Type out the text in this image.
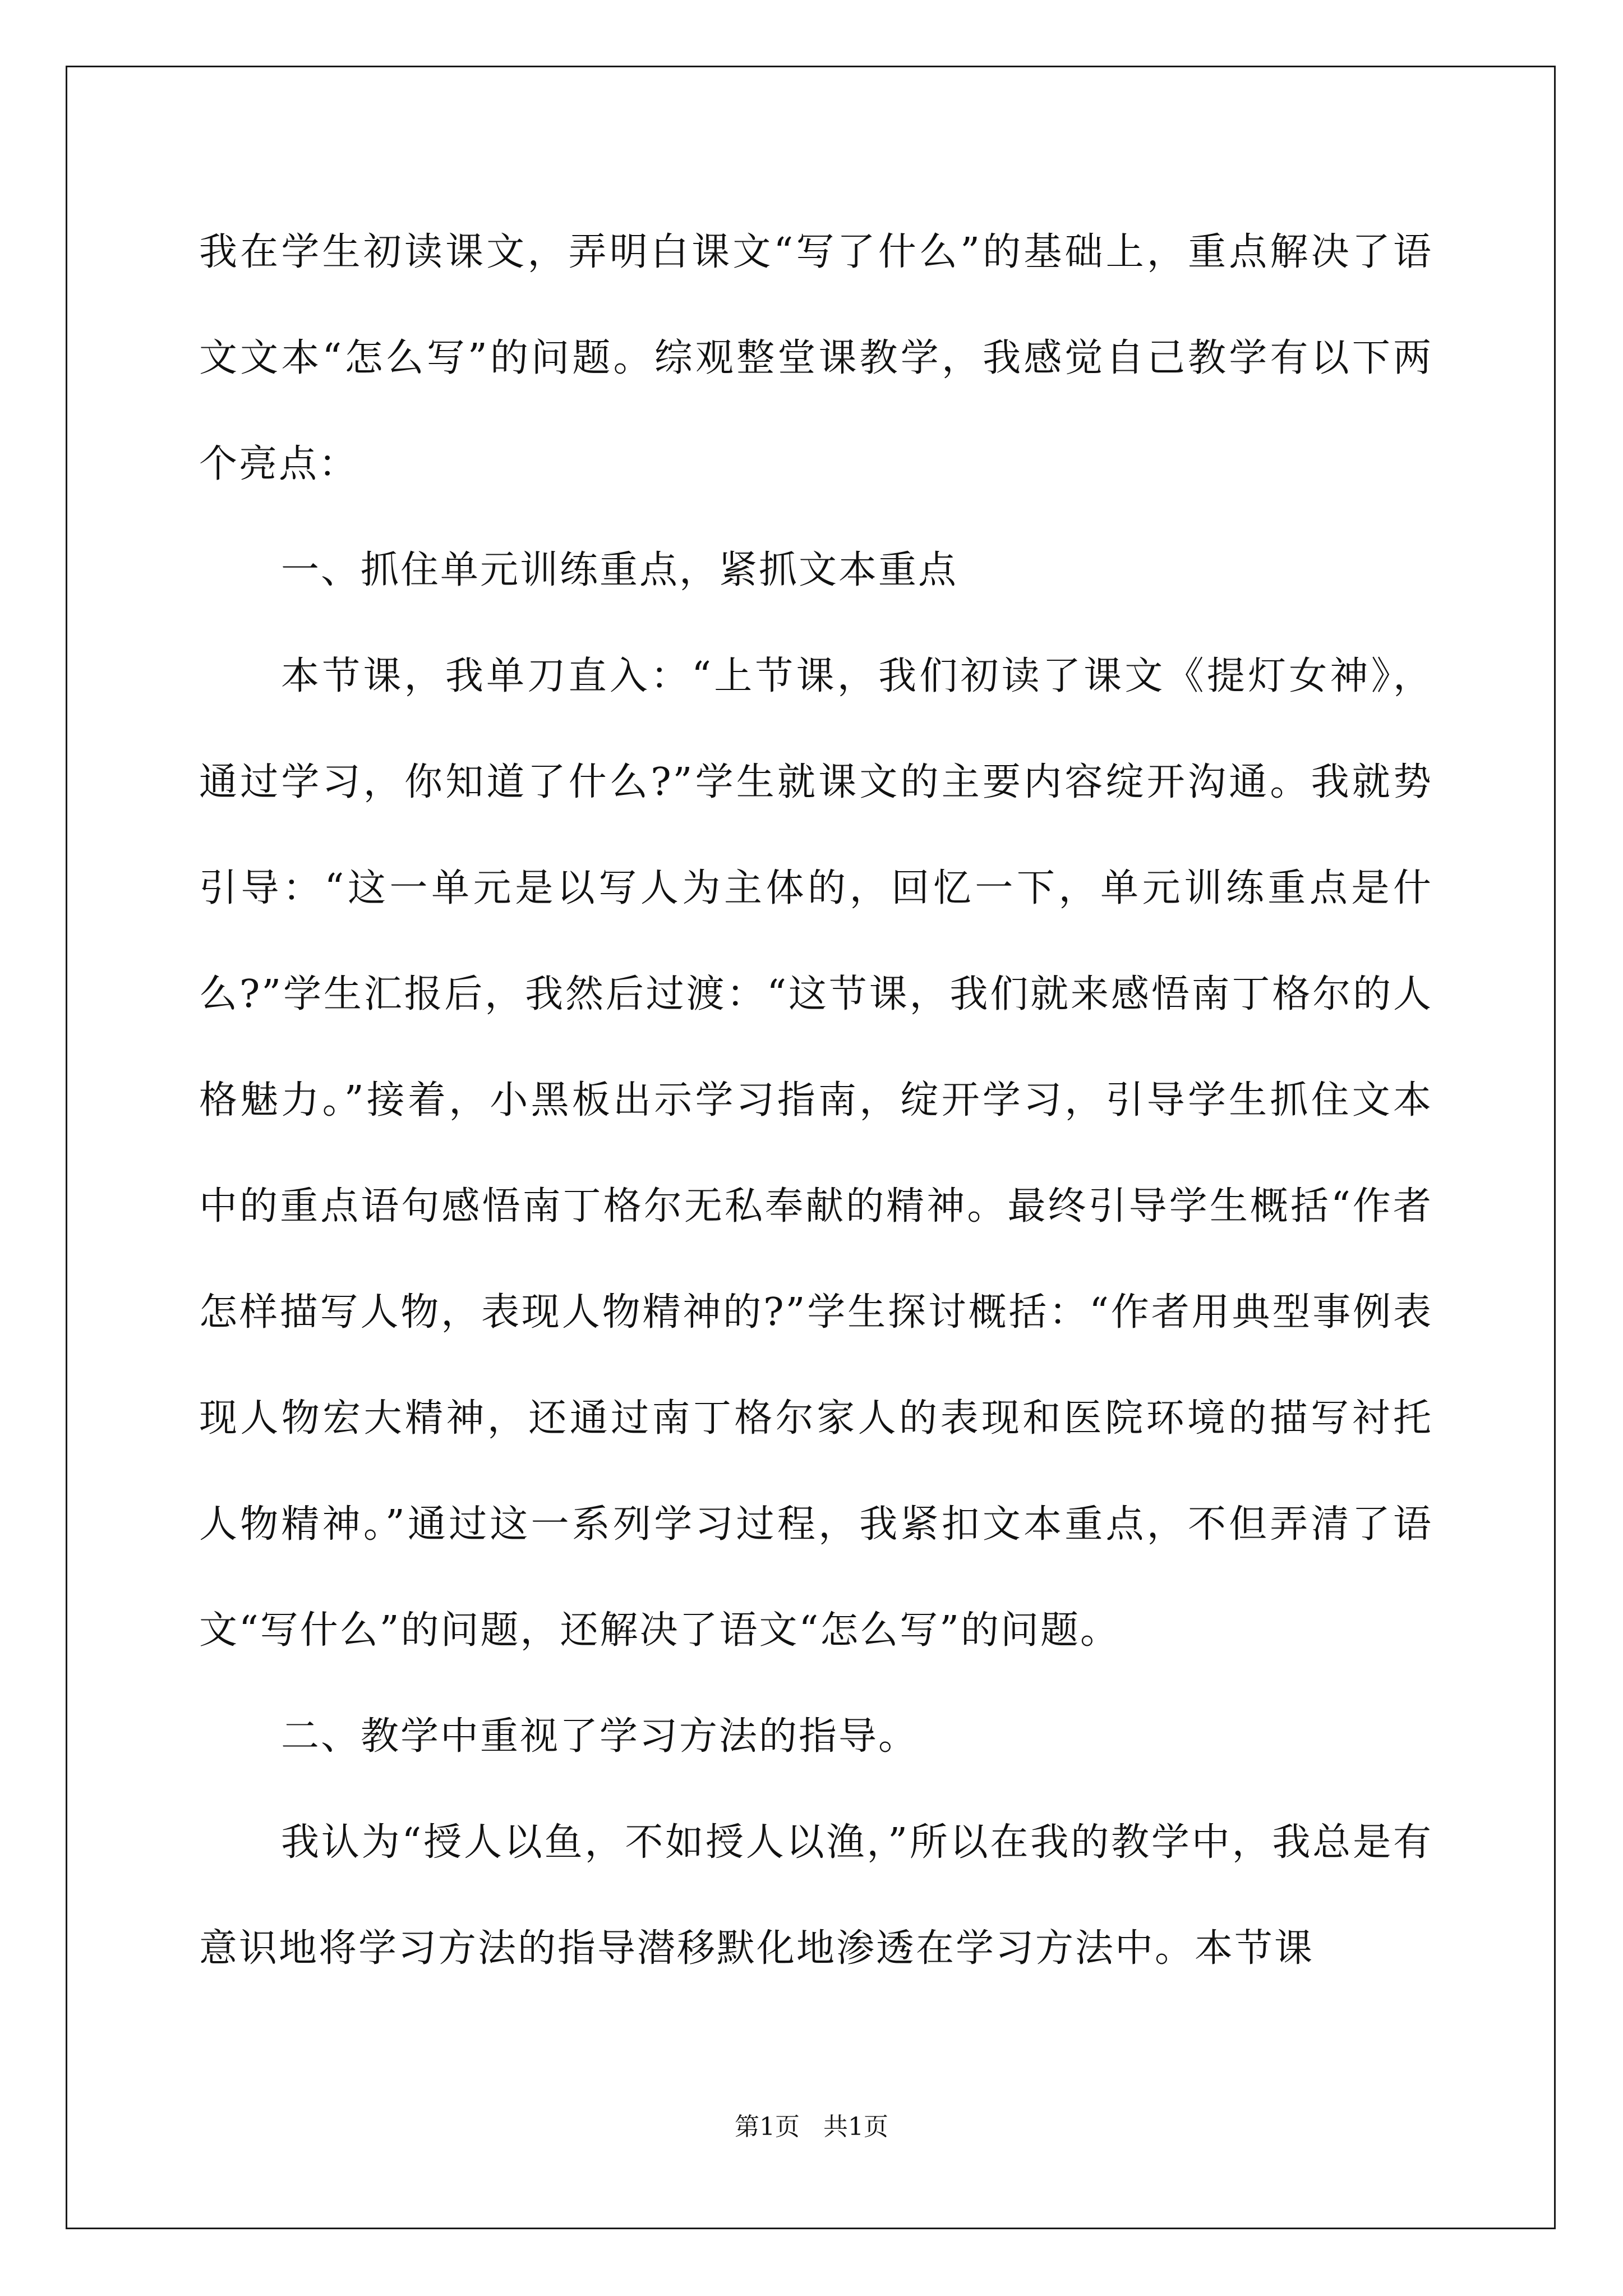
我在学生初读课文，弄明白课文“写了什么”的基础上，重点解决了语文文本“怎么写”的问题。综观整堂课教学，我感觉自己教学有以下两个亮点：

一、抓住单元训练重点，紧抓文本重点

本节课，我单刀直入：“上节课，我们初读了课文《提灯女神》，通过学习，你知道了什么?”学生就课文的主要内容绽开沟通。我就势引导：“这一单元是以写人为主体的，回忆一下，单元训练重点是什么?”学生汇报后，我然后过渡：“这节课，我们就来感悟南丁格尔的人格魅力。”接着，小黑板出示学习指南，绽开学习，引导学生抓住文本中的重点语句感悟南丁格尔无私奉献的精神。最终引导学生概括“作者怎样描写人物，表现人物精神的?”学生探讨概括：“作者用典型事例表现人物宏大精神，还通过南丁格尔家人的表现和医院环境的描写衬托人物精神。”通过这一系列学习过程，我紧扣文本重点，不但弄清了语文“写什么”的问题，还解决了语文“怎么写”的问题。

二、教学中重视了学习方法的指导。

我认为“授人以鱼，不如授人以渔，”所以在我的教学中，我总是有意识地将学习方法的指导潜移默化地渗透在学习方法中。本节课

第1页 共1页
